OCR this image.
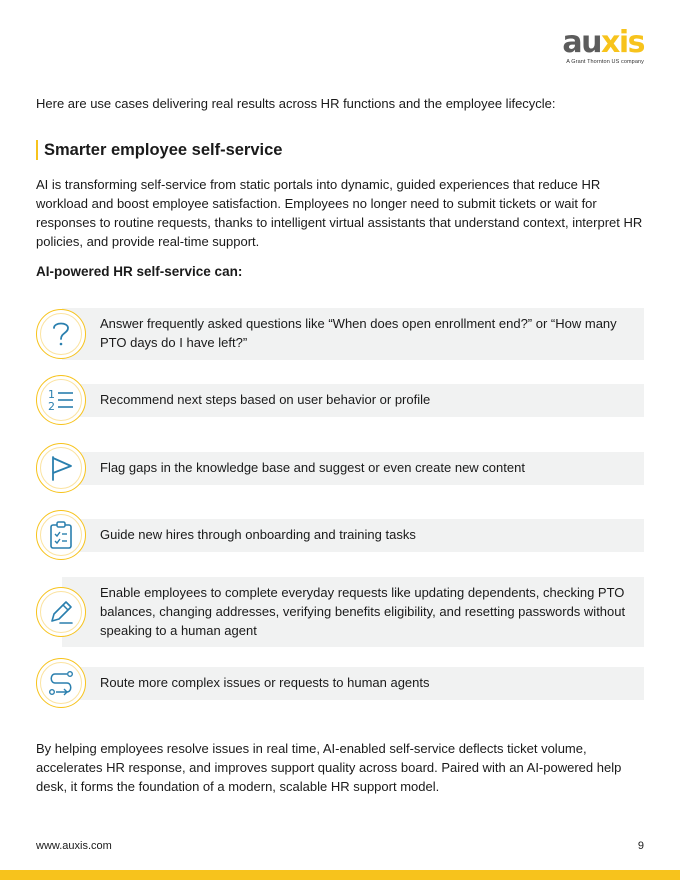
auxis
A Grant Thornton US company
Here are use cases delivering real results across HR functions and the employee lifecycle:
Smarter employee self-service
AI is transforming self-service from static portals into dynamic, guided experiences that reduce HR workload and boost employee satisfaction. Employees no longer need to submit tickets or wait for responses to routine requests, thanks to intelligent virtual assistants that understand context, interpret HR policies, and provide real-time support.
AI-powered HR self-service can:
Answer frequently asked questions like “When does open enrollment end?” or “How many PTO days do I have left?”
1
2	Recommend next steps based on user behavior or profile
Flag gaps in the knowledge base and suggest or even create new content
Guide new hires through onboarding and training tasks
Enable employees to complete everyday requests like updating dependents, checking PTO balances, changing addresses, verifying benefits eligibility, and resetting passwords without speaking to a human agent
Route more complex issues or requests to human agents
By helping employees resolve issues in real time, AI-enabled self-service deflects ticket volume, accelerates HR response, and improves support quality across board. Paired with an AI-powered help desk, it forms the foundation of a modern, scalable HR support model.
www.auxis.com	9
